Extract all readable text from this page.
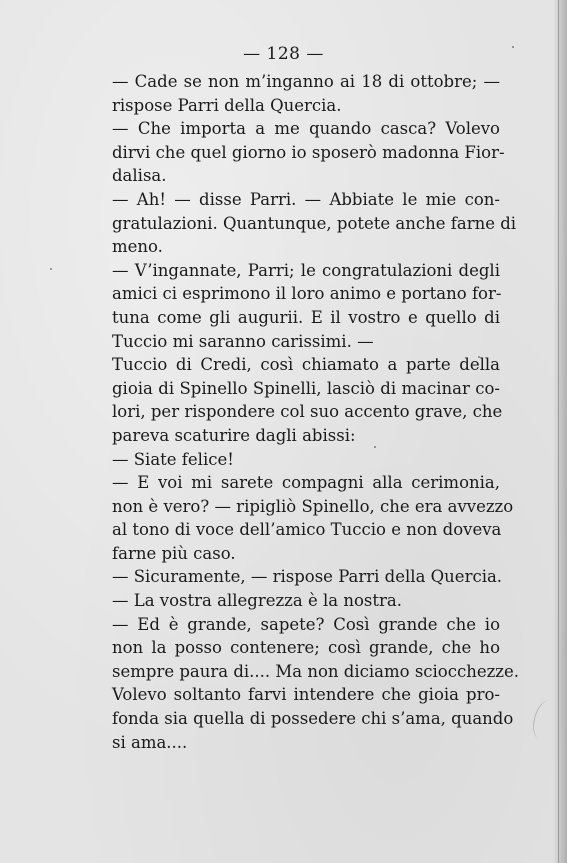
— 128 —
— Cade se non m’inganno ai 18 di ottobre; —
rispose Parri della Quercia.
— Che importa a me quando casca? Volevo
dirvi che quel giorno io sposerò madonna Fior-
dalisa.
— Ah! — disse Parri. — Abbiate le mie con-
gratulazioni. Quantunque, potete anche farne di
meno.
— V’ingannate, Parri; le congratulazioni degli
amici ci esprimono il loro animo e portano for-
tuna come gli augurii. E il vostro e quello di
Tuccio mi saranno carissimi. —
Tuccio di Credi, così chiamato a parte della
gioia di Spinello Spinelli, lasciò di macinar co-
lori, per rispondere col suo accento grave, che
pareva scaturire dagli abissi:
— Siate felice!
— E voi mi sarete compagni alla cerimonia,
non è vero? — ripigliò Spinello, che era avvezzo
al tono di voce dell’amico Tuccio e non doveva
farne più caso.
— Sicuramente, — rispose Parri della Quercia.
— La vostra allegrezza è la nostra.
— Ed è grande, sapete? Così grande che io
non la posso contenere; così grande, che ho
sempre paura di.... Ma non diciamo sciocchezze.
Volevo soltanto farvi intendere che gioia pro-
fonda sia quella di possedere chi s’ama, quando
si ama....
